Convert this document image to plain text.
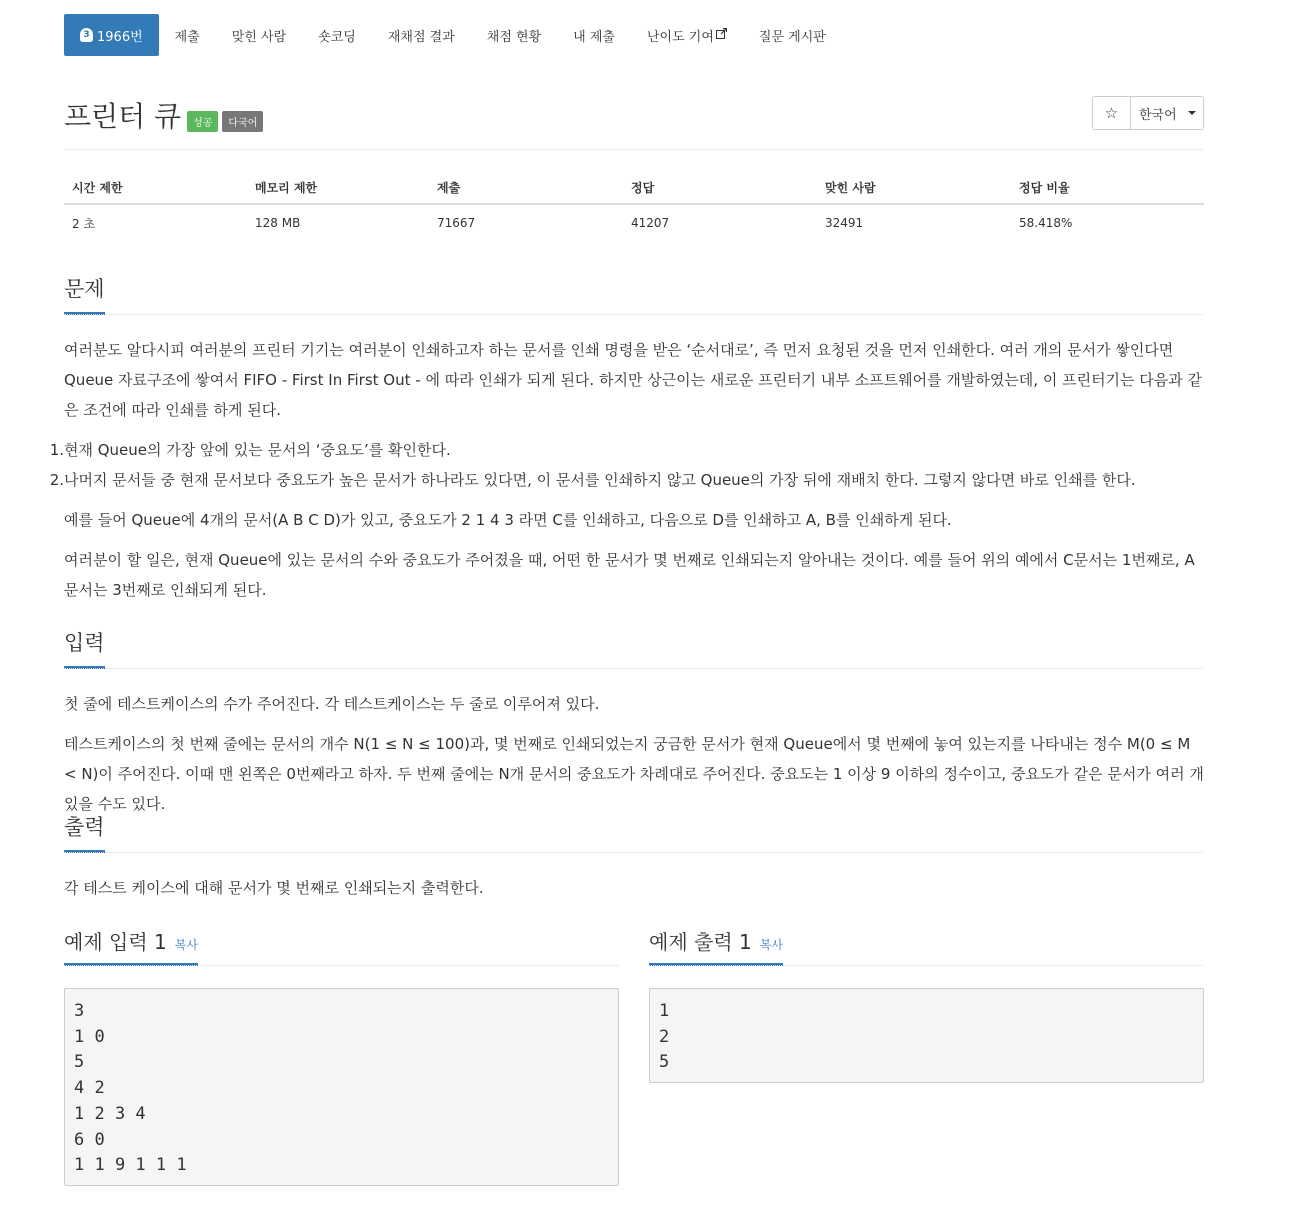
3 1966번	제출	맞힌 사람	숏코딩	재채점 결과	채점 현황	내 제출	난이도 기여	질문 게시판
프린터 큐	성공	다국어
☆ 한국어
시간 제한	메모리 제한	제출	정답	맞힌 사람	정답 비율
2 초	128 MB	71667	41207	32491	58.418%
문제
여러분도 알다시피 여러분의 프린터 기기는 여러분이 인쇄하고자 하는 문서를 인쇄 명령을 받은 ‘순서대로’, 즉 먼저 요청된 것을 먼저 인쇄한다. 여러 개의 문서가 쌓인다면 Queue 자료구조에 쌓여서 FIFO - First In First Out - 에 따라 인쇄가 되게 된다. 하지만 상근이는 새로운 프린터기 내부 소프트웨어를 개발하였는데, 이 프린터기는 다음과 같은 조건에 따라 인쇄를 하게 된다.
1. 현재 Queue의 가장 앞에 있는 문서의 ‘중요도’를 확인한다.
2. 나머지 문서들 중 현재 문서보다 중요도가 높은 문서가 하나라도 있다면, 이 문서를 인쇄하지 않고 Queue의 가장 뒤에 재배치 한다. 그렇지 않다면 바로 인쇄를 한다.
예를 들어 Queue에 4개의 문서(A B C D)가 있고, 중요도가 2 1 4 3 라면 C를 인쇄하고, 다음으로 D를 인쇄하고 A, B를 인쇄하게 된다.
여러분이 할 일은, 현재 Queue에 있는 문서의 수와 중요도가 주어졌을 때, 어떤 한 문서가 몇 번째로 인쇄되는지 알아내는 것이다. 예를 들어 위의 예에서 C문서는 1번째로, A문서는 3번째로 인쇄되게 된다.
입력
첫 줄에 테스트케이스의 수가 주어진다. 각 테스트케이스는 두 줄로 이루어져 있다.
테스트케이스의 첫 번째 줄에는 문서의 개수 N(1 ≤ N ≤ 100)과, 몇 번째로 인쇄되었는지 궁금한 문서가 현재 Queue에서 몇 번째에 놓여 있는지를 나타내는 정수 M(0 ≤ M < N)이 주어진다. 이때 맨 왼쪽은 0번째라고 하자. 두 번째 줄에는 N개 문서의 중요도가 차례대로 주어진다. 중요도는 1 이상 9 이하의 정수이고, 중요도가 같은 문서가 여러 개 있을 수도 있다.
출력
각 테스트 케이스에 대해 문서가 몇 번째로 인쇄되는지 출력한다.
예제 입력 1 복사	예제 출력 1 복사
3
1 0
5
4 2
1 2 3 4
6 0
1 1 9 1 1 1
1
2
5
